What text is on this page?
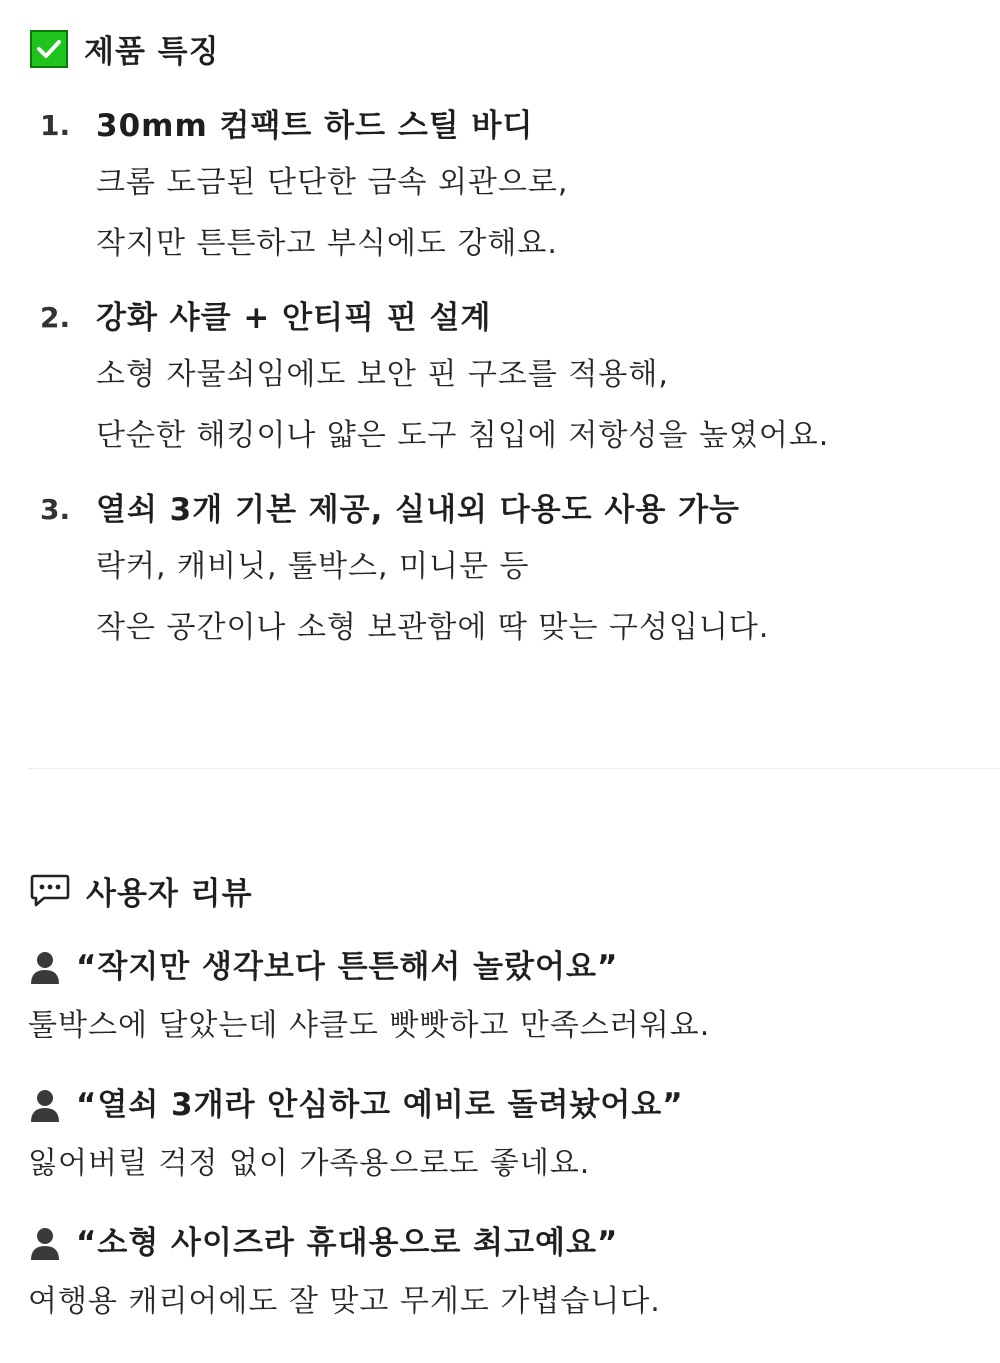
제품 특징
1. 30mm 컴팩트 하드 스틸 바디
크롬 도금된 단단한 금속 외관으로,
작지만 튼튼하고 부식에도 강해요.
2. 강화 샤클 + 안티픽 핀 설계
소형 자물쇠임에도 보안 핀 구조를 적용해,
단순한 해킹이나 얇은 도구 침입에 저항성을 높였어요.
3. 열쇠 3개 기본 제공, 실내외 다용도 사용 가능
락커, 캐비닛, 툴박스, 미니문 등
작은 공간이나 소형 보관함에 딱 맞는 구성입니다.
사용자 리뷰
“작지만 생각보다 튼튼해서 놀랐어요”
툴박스에 달았는데 샤클도 빳빳하고 만족스러워요.
“열쇠 3개라 안심하고 예비로 돌려놨어요”
잃어버릴 걱정 없이 가족용으로도 좋네요.
“소형 사이즈라 휴대용으로 최고예요”
여행용 캐리어에도 잘 맞고 무게도 가볍습니다.
